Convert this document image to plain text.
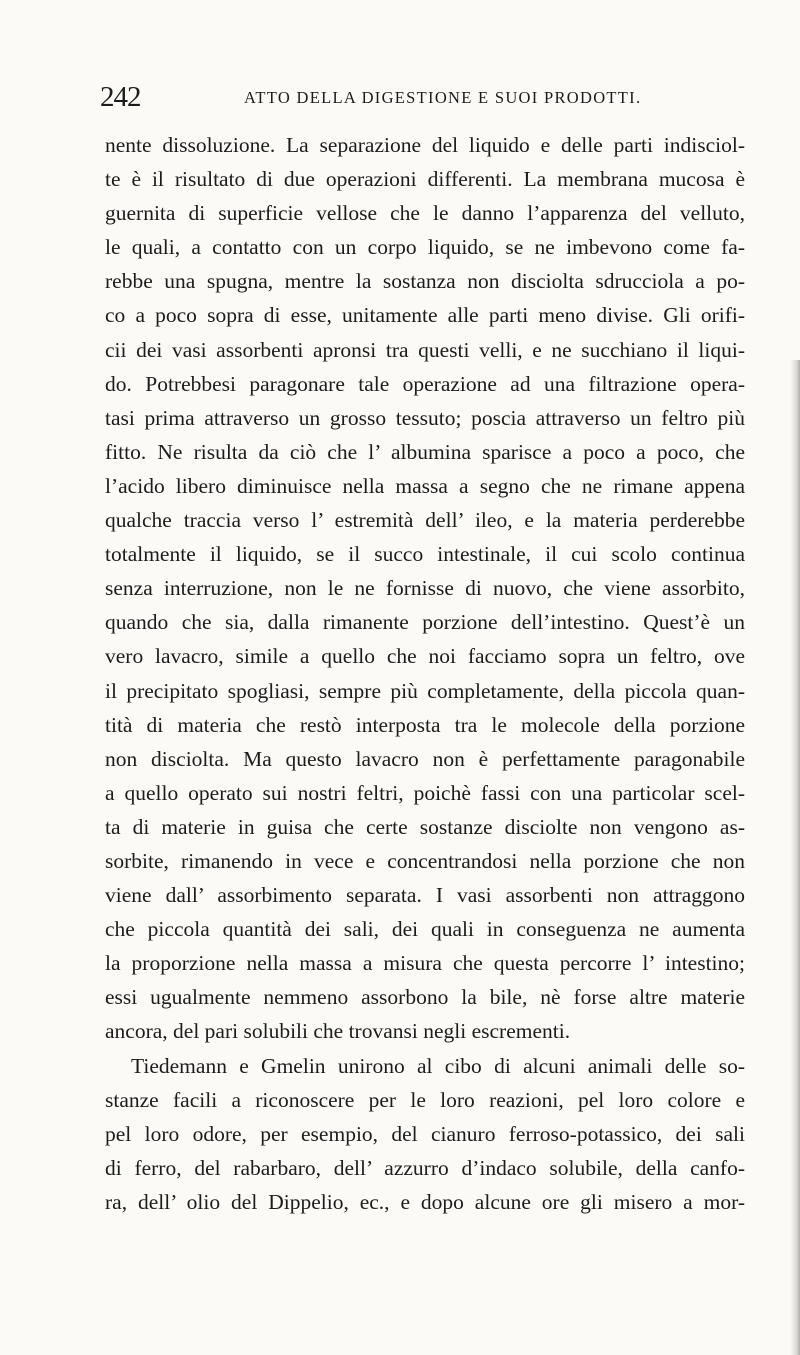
242	ATTO DELLA DIGESTIONE E SUOI PRODOTTI.
nente dissoluzione. La separazione del liquido e delle parti indisciol-
te è il risultato di due operazioni differenti. La membrana mucosa è
guernita di superficie vellose che le danno l’apparenza del velluto,
le quali, a contatto con un corpo liquido, se ne imbevono come fa-
rebbe una spugna, mentre la sostanza non disciolta sdrucciola a po-
co a poco sopra di esse, unitamente alle parti meno divise. Gli orifi-
cii dei vasi assorbenti apronsi tra questi velli, e ne succhiano il liqui-
do. Potrebbesi paragonare tale operazione ad una filtrazione opera-
tasi prima attraverso un grosso tessuto; poscia attraverso un feltro più
fitto. Ne risulta da ciò che l’ albumina sparisce a poco a poco, che
l’acido libero diminuisce nella massa a segno che ne rimane appena
qualche traccia verso l’ estremità dell’ ileo, e la materia perderebbe
totalmente il liquido, se il succo intestinale, il cui scolo continua
senza interruzione, non le ne fornisse di nuovo, che viene assorbito,
quando che sia, dalla rimanente porzione dell’intestino. Quest’è un
vero lavacro, simile a quello che noi facciamo sopra un feltro, ove
il precipitato spogliasi, sempre più completamente, della piccola quan-
tità di materia che restò interposta tra le molecole della porzione
non disciolta. Ma questo lavacro non è perfettamente paragonabile
a quello operato sui nostri feltri, poichè fassi con una particolar scel-
ta di materie in guisa che certe sostanze disciolte non vengono as-
sorbite, rimanendo in vece e concentrandosi nella porzione che non
viene dall’ assorbimento separata. I vasi assorbenti non attraggono
che piccola quantità dei sali, dei quali in conseguenza ne aumenta
la proporzione nella massa a misura che questa percorre l’ intestino;
essi ugualmente nemmeno assorbono la bile, nè forse altre materie
ancora, del pari solubili che trovansi negli escrementi.
Tiedemann e Gmelin unirono al cibo di alcuni animali delle so-
stanze facili a riconoscere per le loro reazioni, pel loro colore e
pel loro odore, per esempio, del cianuro ferroso-potassico, dei sali
di ferro, del rabarbaro, dell’ azzurro d’indaco solubile, della canfo-
ra, dell’ olio del Dippelio, ec., e dopo alcune ore gli misero a mor-
